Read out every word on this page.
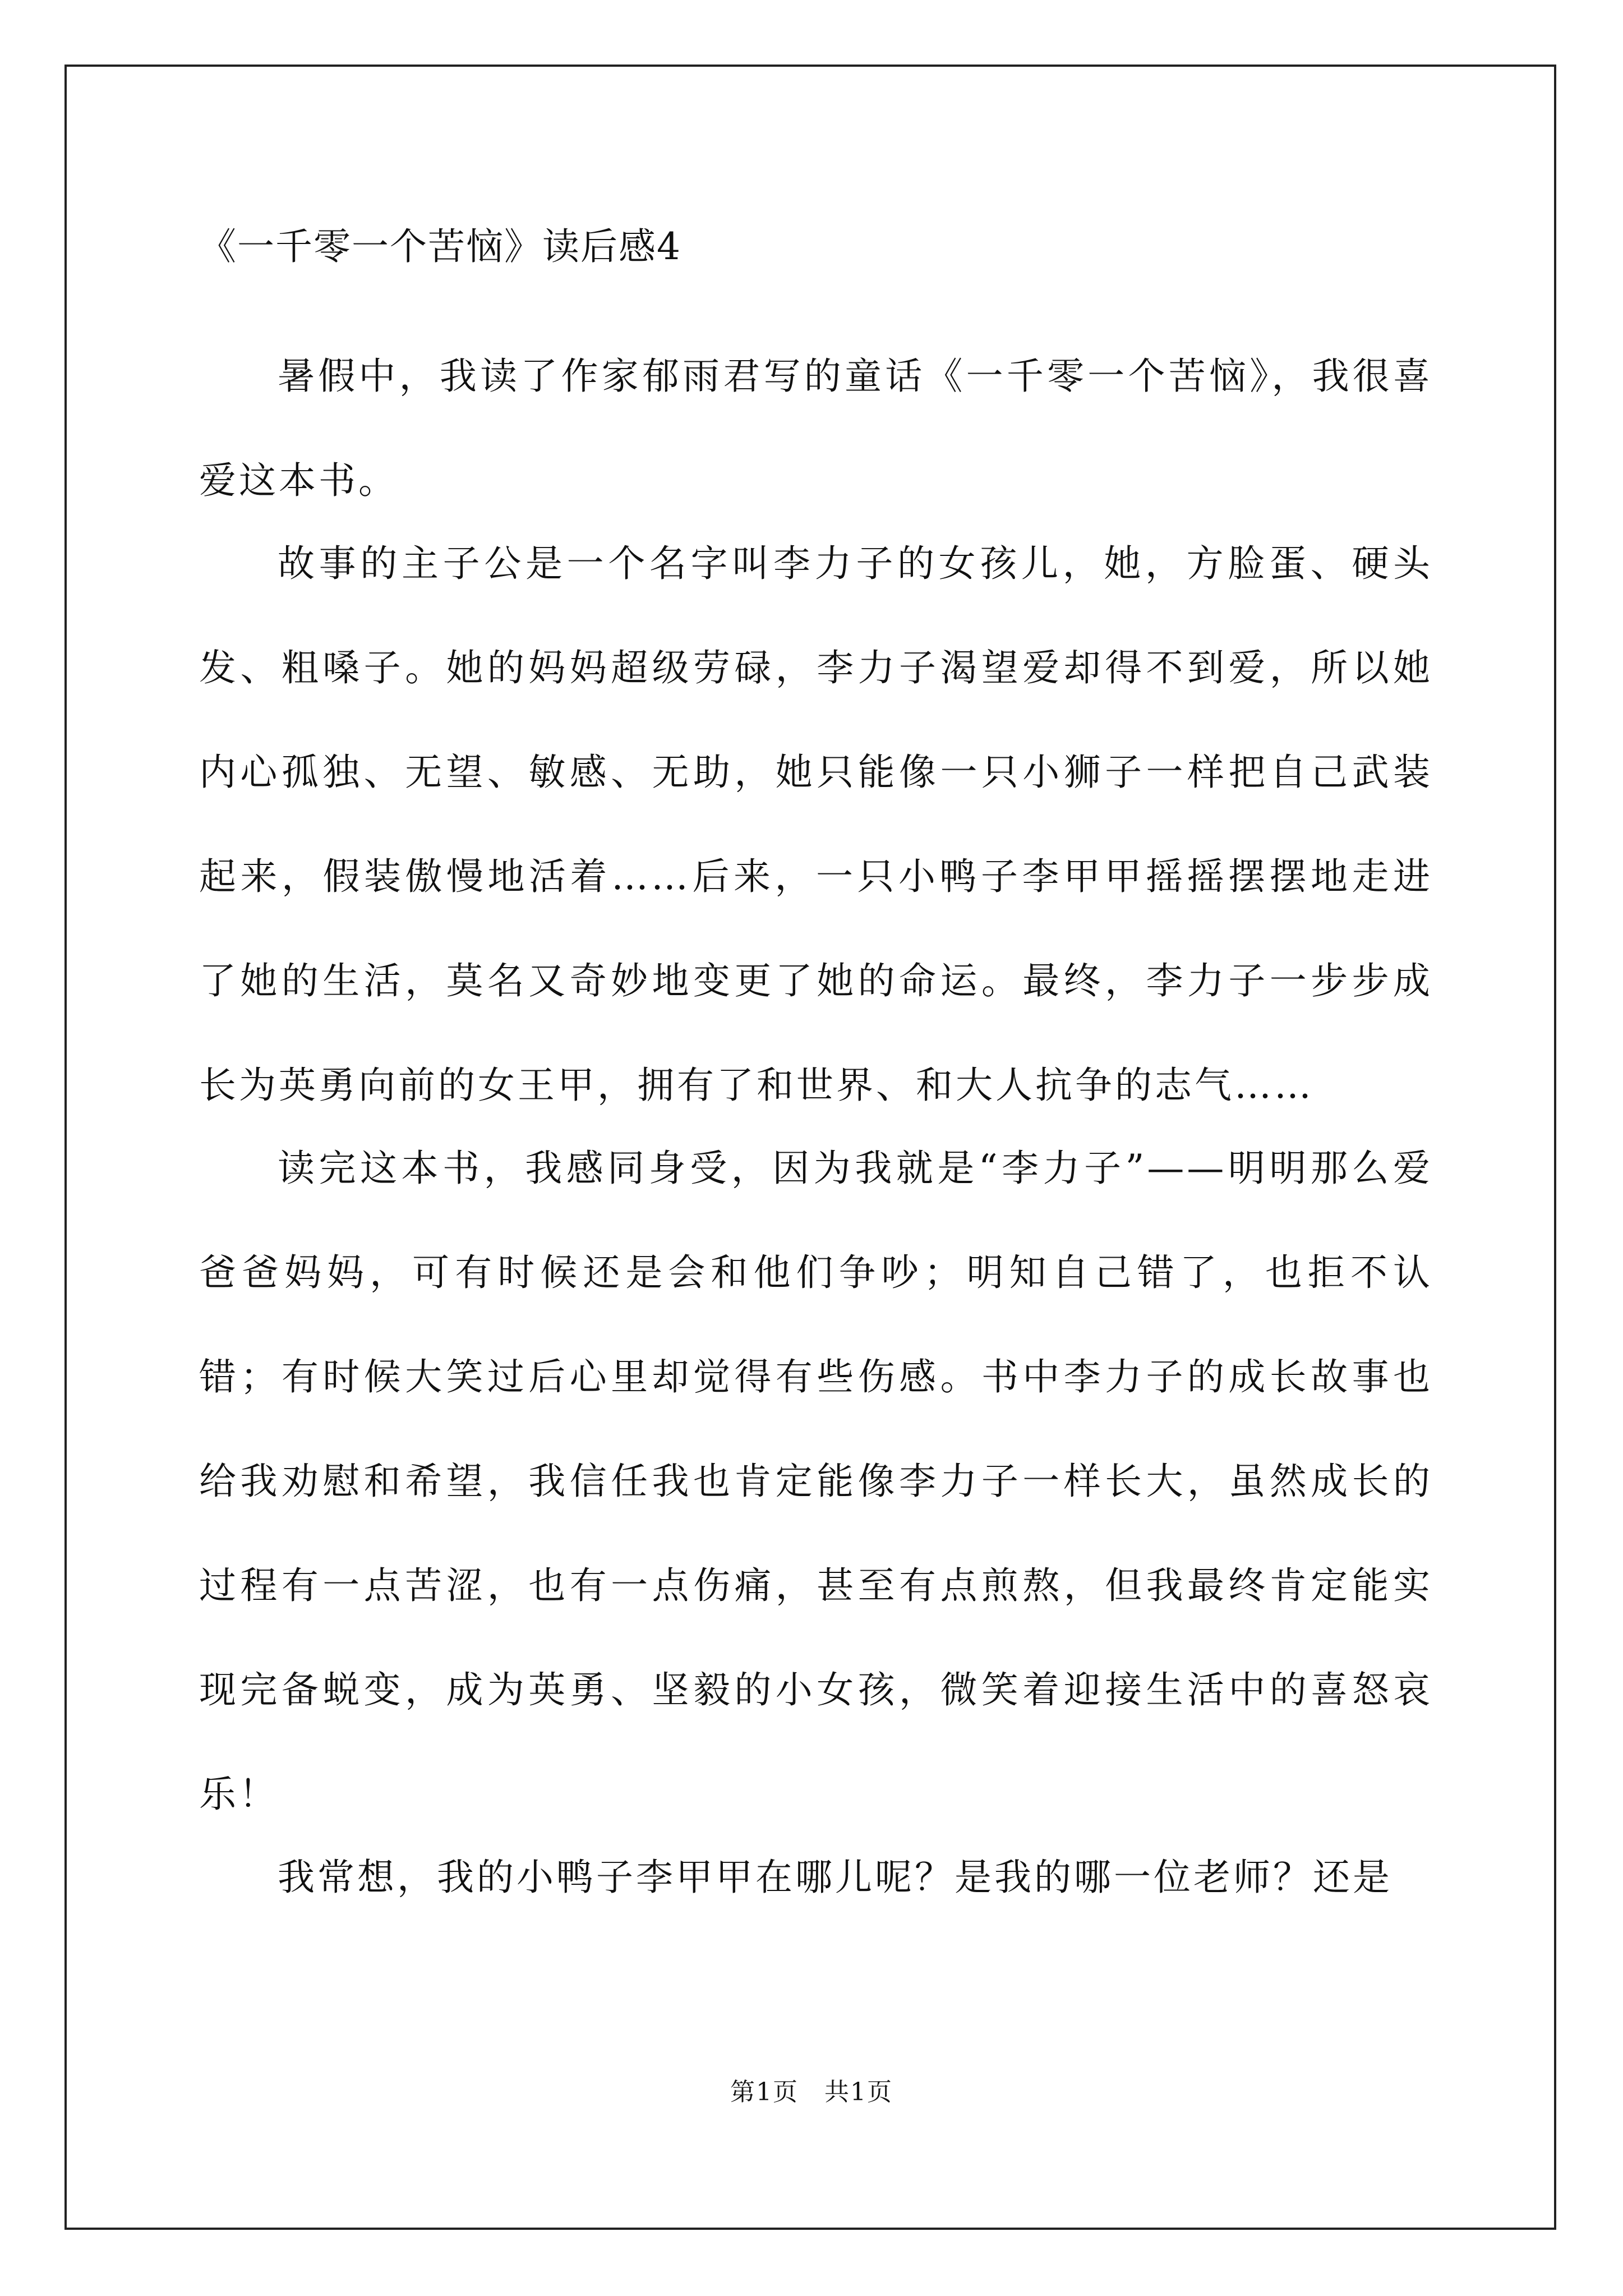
《一千零一个苦恼》读后感4

暑假中，我读了作家郁雨君写的童话《一千零一个苦恼》，我很喜爱这本书。

故事的主子公是一个名字叫李力子的女孩儿，她，方脸蛋、硬头发、粗嗓子。她的妈妈超级劳碌，李力子渴望爱却得不到爱，所以她内心孤独、无望、敏感、无助，她只能像一只小狮子一样把自己武装起来，假装傲慢地活着……后来，一只小鸭子李甲甲摇摇摆摆地走进了她的生活，莫名又奇妙地变更了她的命运。最终，李力子一步步成长为英勇向前的女王甲，拥有了和世界、和大人抗争的志气……

读完这本书，我感同身受，因为我就是“李力子”——明明那么爱爸爸妈妈，可有时候还是会和他们争吵；明知自己错了，也拒不认错；有时候大笑过后心里却觉得有些伤感。书中李力子的成长故事也给我劝慰和希望，我信任我也肯定能像李力子一样长大，虽然成长的过程有一点苦涩，也有一点伤痛，甚至有点煎熬，但我最终肯定能实现完备蜕变，成为英勇、坚毅的小女孩，微笑着迎接生活中的喜怒哀乐！

我常想，我的小鸭子李甲甲在哪儿呢？是我的哪一位老师？还是

第1页　共1页
